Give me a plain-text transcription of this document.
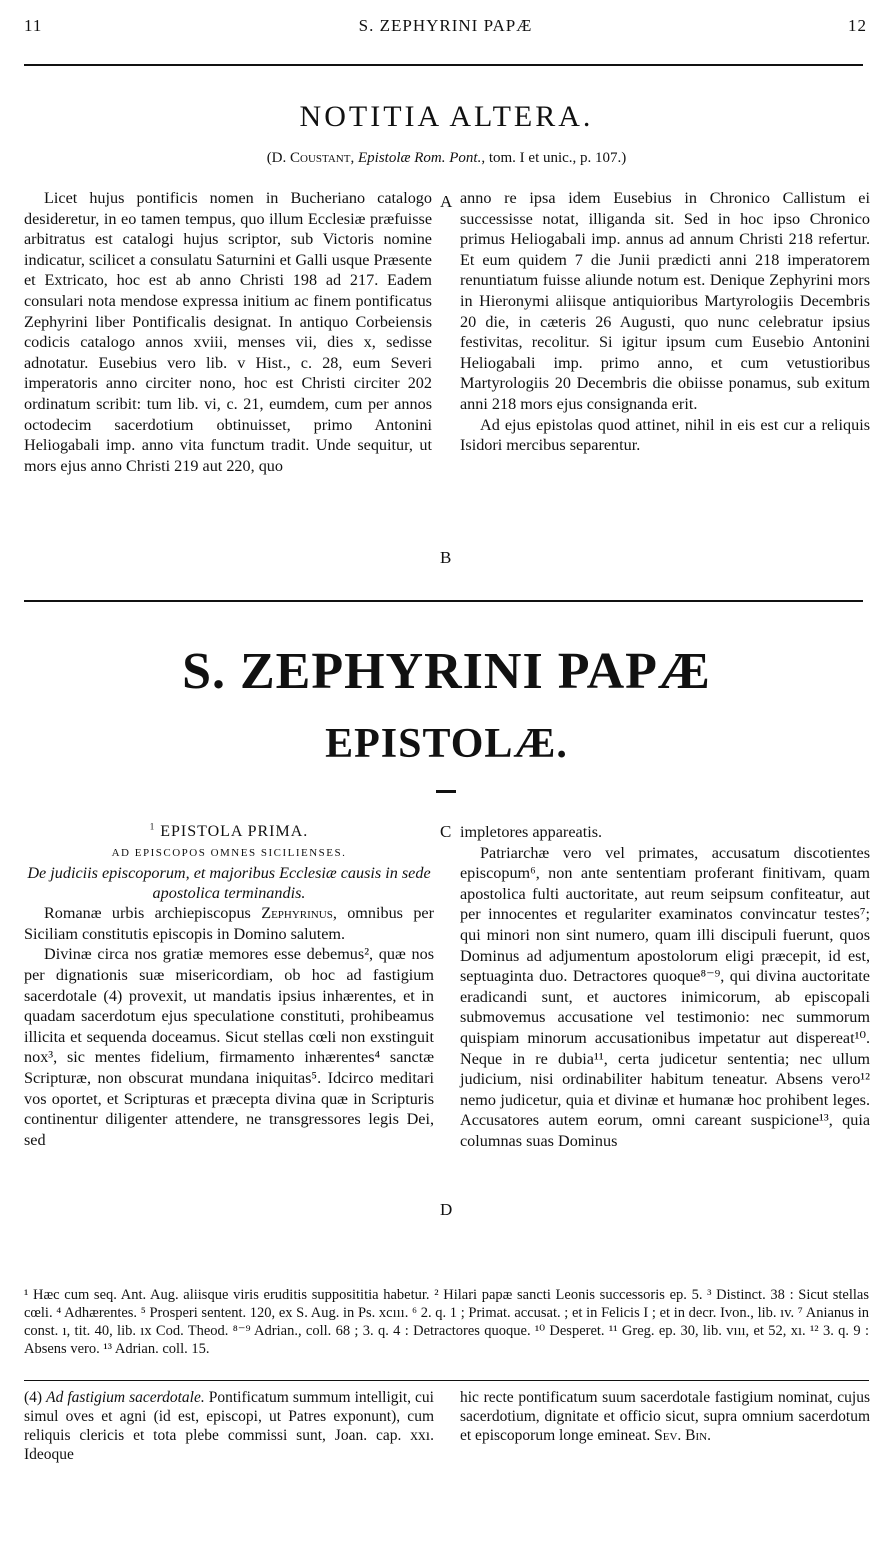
11	S. ZEPHYRINI PAPÆ	12
NOTITIA ALTERA.

(D. Coustant, Epistolæ Rom. Pont., tom. I et unic., p. 107.)

Licet hujus pontificis nomen in Bucheriano catalogo desideretur, in eo tamen tempus, quo illum Ecclesiæ præfuisse arbitratus est catalogi hujus scriptor, sub Victoris nomine indicatur, scilicet a consulatu Saturnini et Galli usque Præsente et Extricato, hoc est ab anno Christi 198 ad 217. Eadem consulari nota mendose expressa initium ac finem pontificatus Zephyrini liber Pontificalis designat. In antiquo Corbeiensis codicis catalogo annos xviii, menses vii, dies x, sedisse adnotatur. Eusebius vero lib. v Hist., c. 28, eum Severi imperatoris anno circiter nono, hoc est Christi circiter 202 ordinatum scribit: tum lib. vi, c. 21, eumdem, cum per annos octodecim sacerdotium obtinuisset, primo Antonini Heliogabali imp. anno vita functum tradit. Unde sequitur, ut mors ejus anno Christi 219 aut 220, quo

A
B

anno re ipsa idem Eusebius in Chronico Callistum ei successisse notat, illiganda sit. Sed in hoc ipso Chronico primus Heliogabali imp. annus ad annum Christi 218 refertur. Et eum quidem 7 die Junii prædicti anni 218 imperatorem renuntiatum fuisse aliunde notum est. Denique Zephyrini mors in Hieronymi aliisque antiquioribus Martyrologiis Decembris 20 die, in cæteris 26 Augusti, quo nunc celebratur ipsius festivitas, recolitur. Si igitur ipsum cum Eusebio Antonini Heliogabali imp. primo anno, et cum vetustioribus Martyrologiis 20 Decembris die obiisse ponamus, sub exitum anni 218 mors ejus consignanda erit.

Ad ejus epistolas quod attinet, nihil in eis est cur a reliquis Isidori mercibus separentur.

S. ZEPHYRINI PAPÆ
EPISTOLÆ.

$^1$ EPISTOLA PRIMA.

AD EPISCOPOS OMNES SICILIENSES.

De judiciis episcoporum, et majoribus Ecclesiæ causis in sede apostolica terminandis.

Romanæ urbis archiepiscopus Zephyrinus, omnibus per Siciliam constitutis episcopis in Domino salutem.

Divinæ circa nos gratiæ memores esse debemus², quæ nos per dignationis suæ misericordiam, ob hoc ad fastigium sacerdotale (4) provexit, ut mandatis ipsius inhærentes, et in quadam sacerdotum ejus speculatione constituti, prohibeamus illicita et sequenda doceamus. Sicut stellas cœli non exstinguit nox³, sic mentes fidelium, firmamento inhærentes⁴ sanctæ Scripturæ, non obscurat mundana iniquitas⁵. Idcirco meditari vos oportet, et Scripturas et præcepta divina quæ in Scripturis continentur diligenter attendere, ne transgressores legis Dei, sed

C
D

impletores appareatis.

Patriarchæ vero vel primates, accusatum discotientes episcopum⁶, non ante sententiam proferant finitivam, quam apostolica fulti auctoritate, aut reum seipsum confiteatur, aut per innocentes et regulariter examinatos convincatur testes⁷; qui minori non sint numero, quam illi discipuli fuerunt, quos Dominus ad adjumentum apostolorum eligi præcepit, id est, septuaginta duo. Detractores quoque⁸⁻⁹, qui divina auctoritate eradicandi sunt, et auctores inimicorum, ab episcopali submovemus accusatione vel testimonio: nec summorum quispiam minorum accusationibus impetatur aut dispereat¹⁰. Neque in re dubia¹¹, certa judicetur sententia; nec ullum judicium, nisi ordinabiliter habitum teneatur. Absens vero¹² nemo judicetur, quia et divinæ et humanæ hoc prohibent leges. Accusatores autem eorum, omni careant suspicione¹³, quia columnas suas Dominus

¹ Hæc cum seq. Ant. Aug. aliisque viris eruditis supposititia habetur. ² Hilari papæ sancti Leonis successoris ep. 5. ³ Distinct. 38 : Sicut stellas cœli. ⁴ Adhærentes. ⁵ Prosperi sentent. 120, ex S. Aug. in Ps. xcııı. ⁶ 2. q. 1 ; Primat. accusat. ; et in Felicis I ; et in decr. Ivon., lib. ıv. ⁷ Anianus in const. ı, tit. 40, lib. ıx Cod. Theod. ⁸⁻⁹ Adrian., coll. 68 ; 3. q. 4 : Detractores quoque. ¹⁰ Desperet. ¹¹ Greg. ep. 30, lib. vııı, et 52, xı. ¹² 3. q. 9 : Absens vero. ¹³ Adrian. coll. 15.
(4) Ad fastigium sacerdotale. Pontificatum summum intelligit, cui simul oves et agni (id est, episcopi, ut Patres exponunt), cum reliquis clericis et tota plebe commissi sunt, Joan. cap. xxı. Ideoque
hic recte pontificatum suum sacerdotale fastigium nominat, cujus sacerdotium, dignitate et officio sicut, supra omnium sacerdotum et episcoporum longe emineat. Sev. Bin.
